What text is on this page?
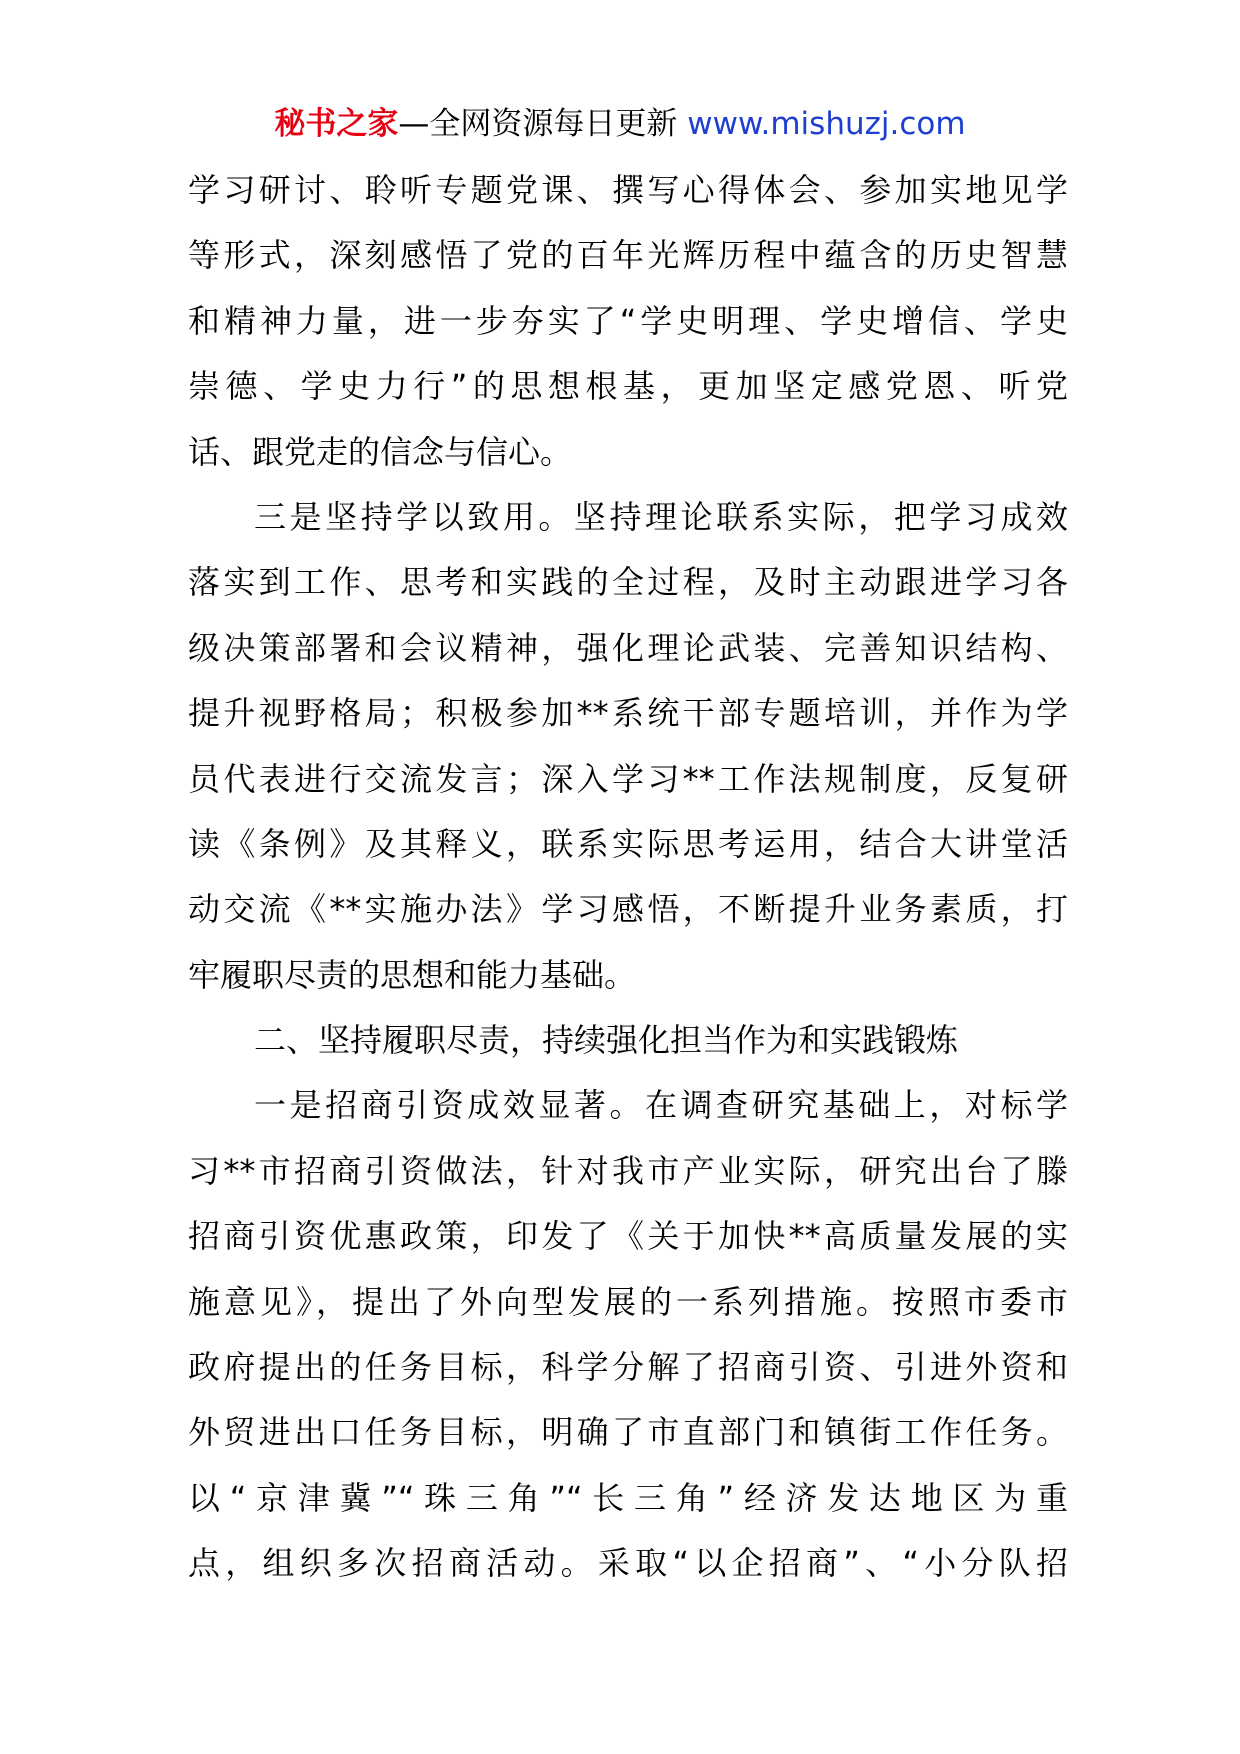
秘书之家—全网资源每日更新 www.mishuzj.com
学习研讨、聆听专题党课、撰写心得体会、参加实地见学
等形式，深刻感悟了党的百年光辉历程中蕴含的历史智慧
和精神力量，进一步夯实了“学史明理、学史增信、学史
崇德、学史力行”的思想根基，更加坚定感党恩、听党
话、跟党走的信念与信心。
三是坚持学以致用。坚持理论联系实际，把学习成效
落实到工作、思考和实践的全过程，及时主动跟进学习各
级决策部署和会议精神，强化理论武装、完善知识结构、
提升视野格局；积极参加**系统干部专题培训，并作为学
员代表进行交流发言；深入学习**工作法规制度，反复研
读《条例》及其释义，联系实际思考运用，结合大讲堂活
动交流《**实施办法》学习感悟，不断提升业务素质，打
牢履职尽责的思想和能力基础。
二、坚持履职尽责，持续强化担当作为和实践锻炼
一是招商引资成效显著。在调查研究基础上，对标学
习**市招商引资做法，针对我市产业实际，研究出台了滕
招商引资优惠政策，印发了《关于加快**高质量发展的实
施意见》，提出了外向型发展的一系列措施。按照市委市
政府提出的任务目标，科学分解了招商引资、引进外资和
外贸进出口任务目标，明确了市直部门和镇街工作任务。
以“京津冀”“珠三角”“长三角”经济发达地区为重
点，组织多次招商活动。采取“以企招商”、“小分队招
